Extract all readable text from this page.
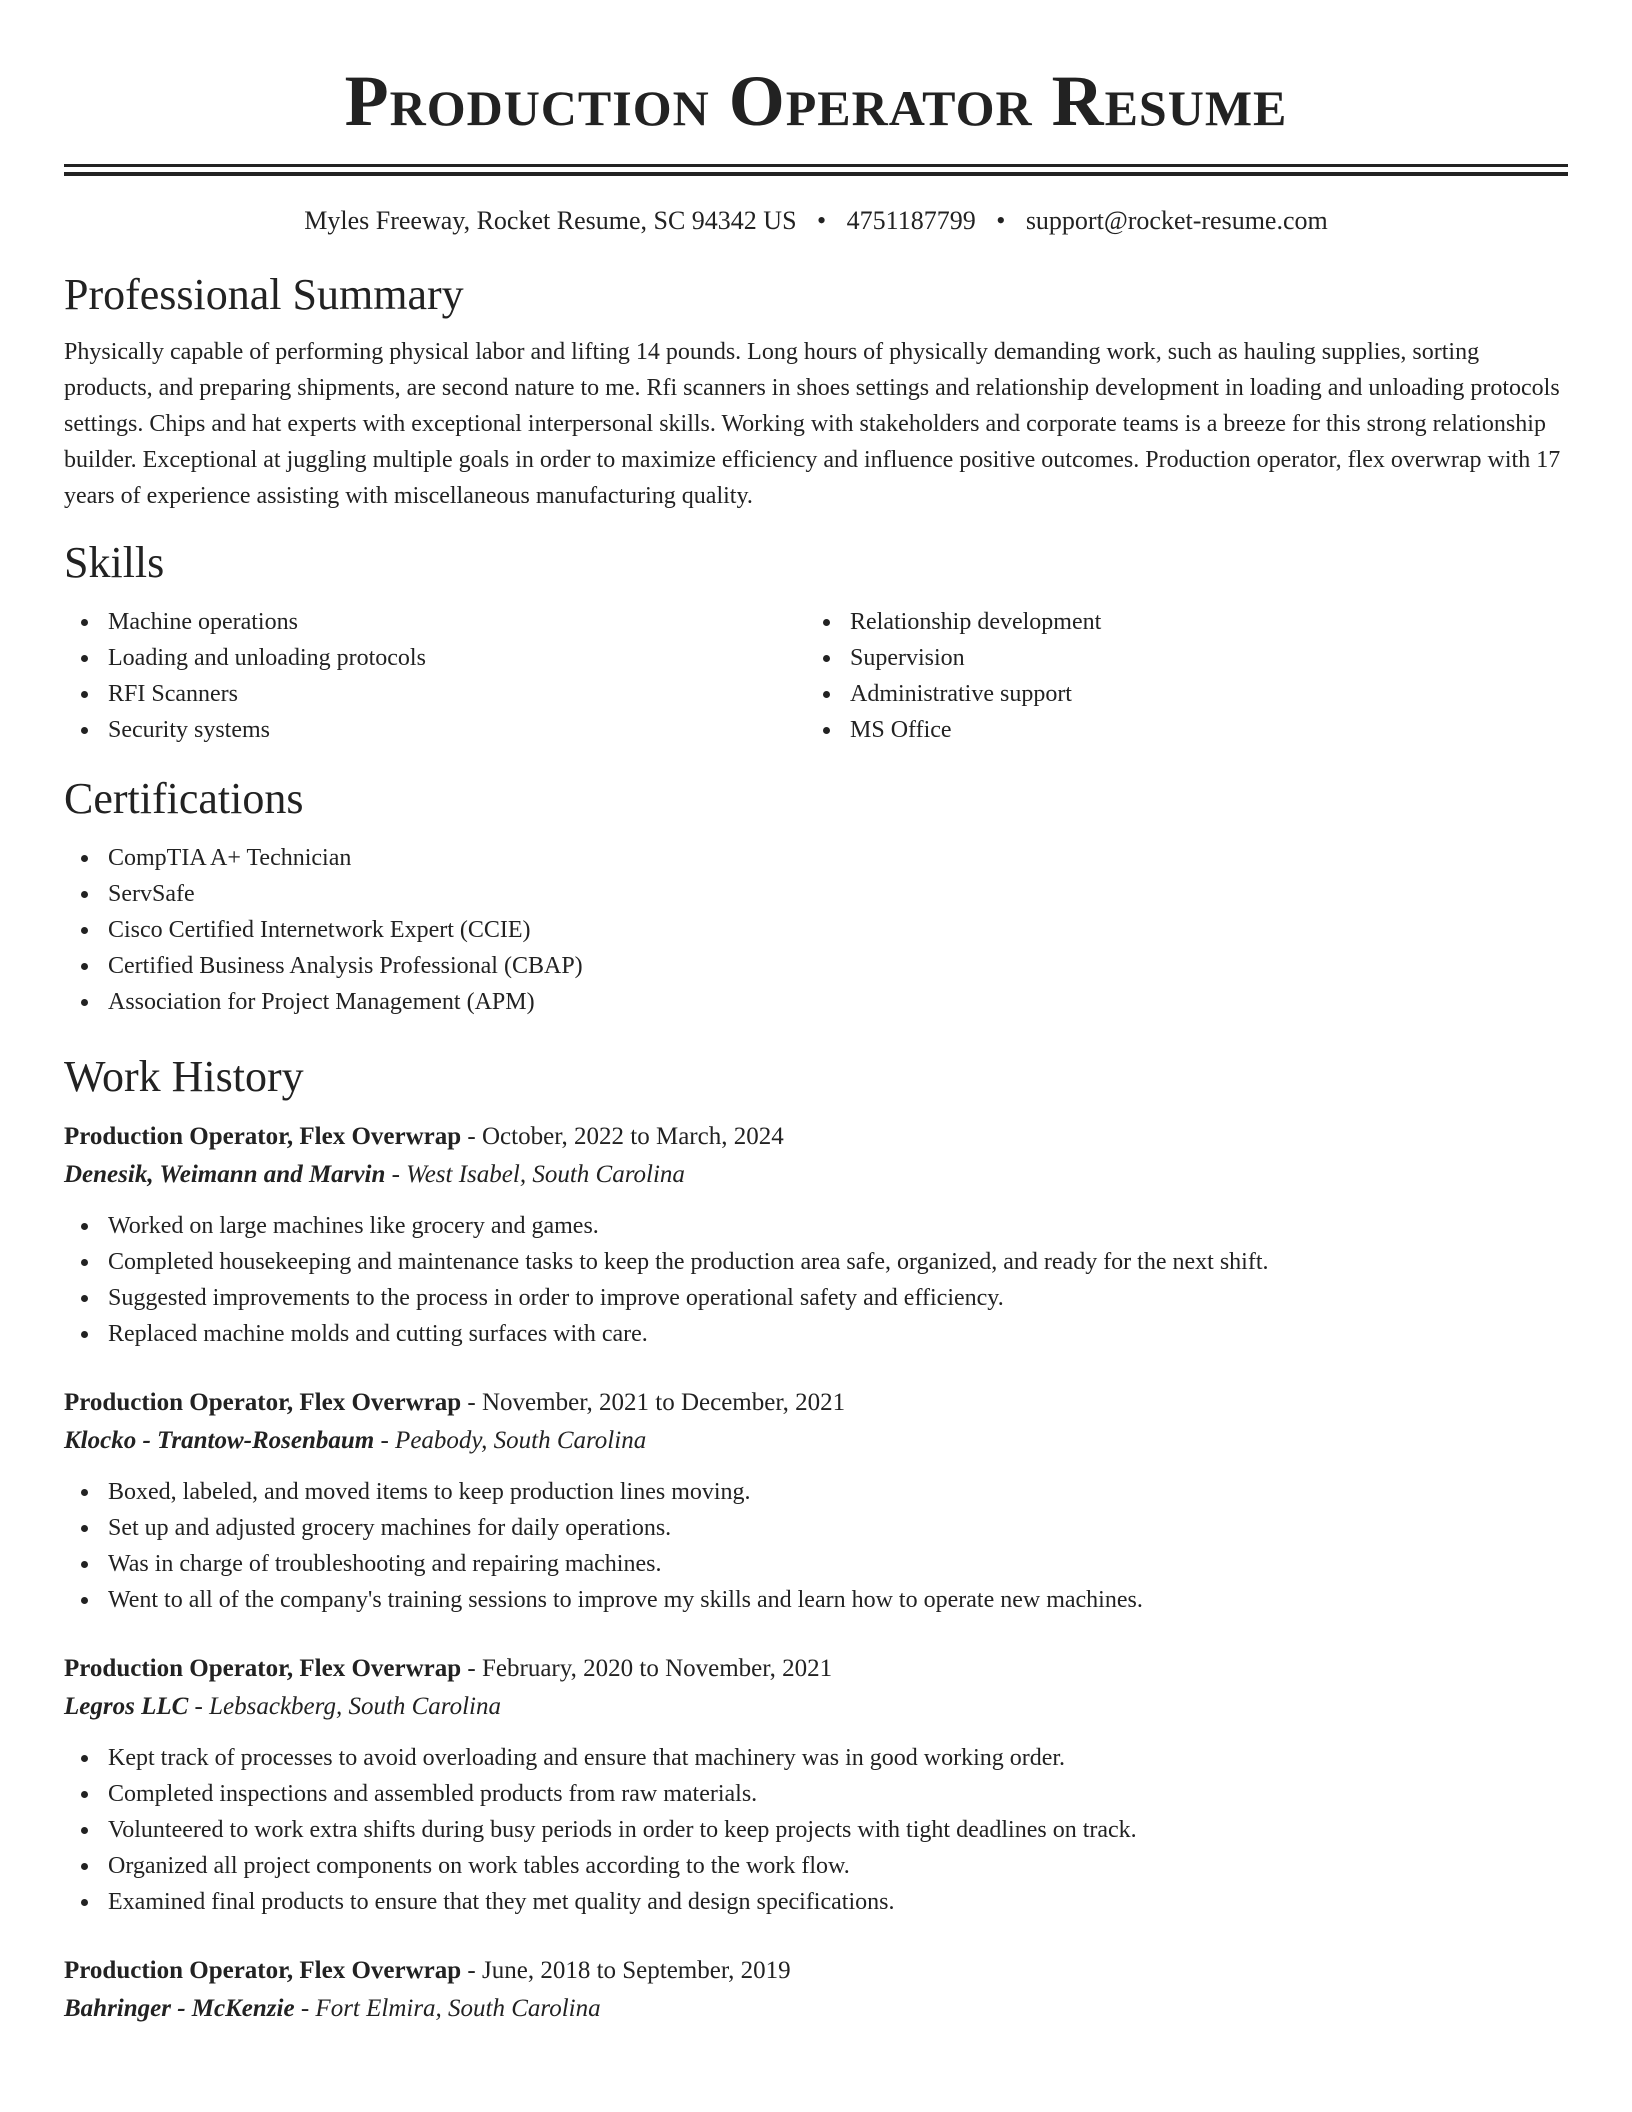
Production Operator Resume
Myles Freeway, Rocket Resume, SC 94342 US • 4751187799 • support@rocket-resume.com
Professional Summary

Physically capable of performing physical labor and lifting 14 pounds. Long hours of physically demanding work, such as hauling supplies, sorting products, and preparing shipments, are second nature to me. Rfi scanners in shoes settings and relationship development in loading and unloading protocols settings. Chips and hat experts with exceptional interpersonal skills. Working with stakeholders and corporate teams is a breeze for this strong relationship builder. Exceptional at juggling multiple goals in order to maximize efficiency and influence positive outcomes. Production operator, flex overwrap with 17 years of experience assisting with miscellaneous manufacturing quality.

Skills
Machine operations
Loading and unloading protocols
RFI Scanners
Security systems
Relationship development
Supervision
Administrative support
MS Office
Certifications
CompTIA A+ Technician
ServSafe
Cisco Certified Internetwork Expert (CCIE)
Certified Business Analysis Professional (CBAP)
Association for Project Management (APM)
Work History
Production Operator, Flex Overwrap - October, 2022 to March, 2024
Denesik, Weimann and Marvin - West Isabel, South Carolina
Worked on large machines like grocery and games.
Completed housekeeping and maintenance tasks to keep the production area safe, organized, and ready for the next shift.
Suggested improvements to the process in order to improve operational safety and efficiency.
Replaced machine molds and cutting surfaces with care.
Production Operator, Flex Overwrap - November, 2021 to December, 2021
Klocko - Trantow-Rosenbaum - Peabody, South Carolina
Boxed, labeled, and moved items to keep production lines moving.
Set up and adjusted grocery machines for daily operations.
Was in charge of troubleshooting and repairing machines.
Went to all of the company's training sessions to improve my skills and learn how to operate new machines.
Production Operator, Flex Overwrap - February, 2020 to November, 2021
Legros LLC - Lebsackberg, South Carolina
Kept track of processes to avoid overloading and ensure that machinery was in good working order.
Completed inspections and assembled products from raw materials.
Volunteered to work extra shifts during busy periods in order to keep projects with tight deadlines on track.
Organized all project components on work tables according to the work flow.
Examined final products to ensure that they met quality and design specifications.
Production Operator, Flex Overwrap - June, 2018 to September, 2019
Bahringer - McKenzie - Fort Elmira, South Carolina
